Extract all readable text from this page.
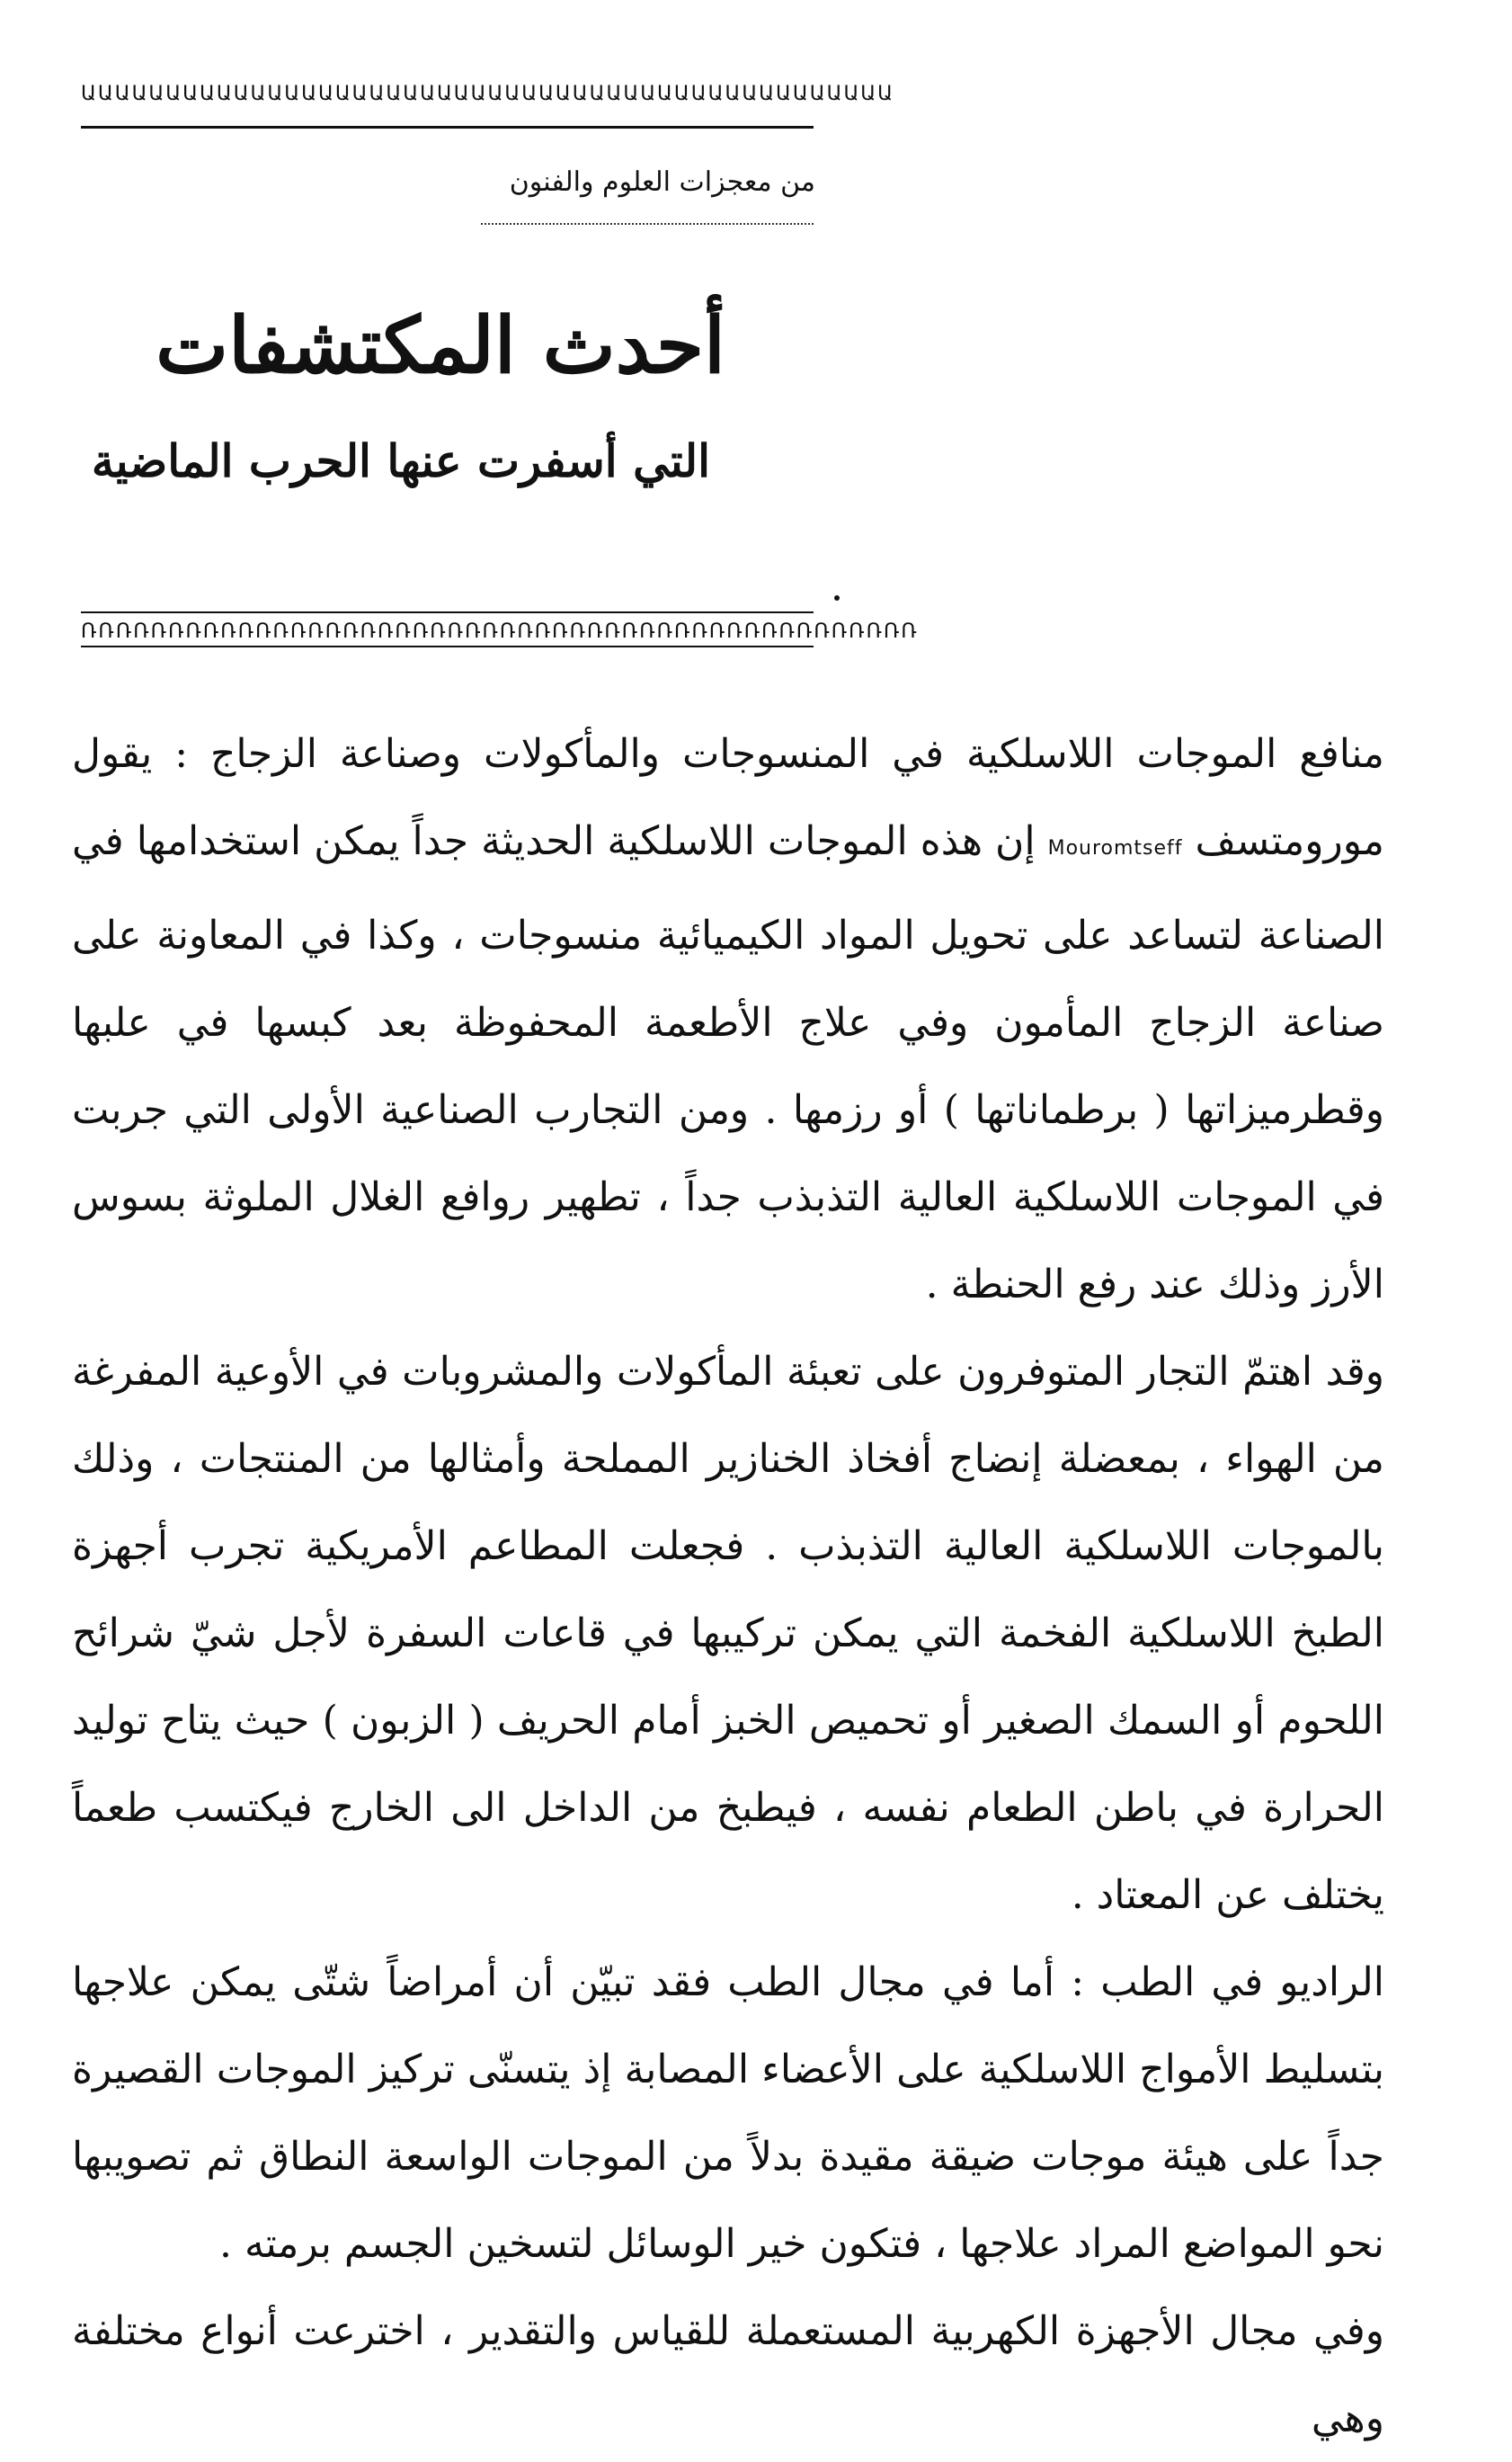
ԱԱԱԱԱԱԱԱԱԱԱԱԱԱԱԱԱԱԱԱԱԱԱԱԱԱԱԱԱԱԱԱԱԱԱԱԱԱԱԱԱԱԱԱԱԱԱԱ
من معجزات العلوم والفنون
أحدث المكتشفات
التي أسفرت عنها الحرب الماضية
ՌՌՌՌՌՌՌՌՌՌՌՌՌՌՌՌՌՌՌՌՌՌՌՌՌՌՌՌՌՌՌՌՌՌՌՌՌՌՌՌՌՌՌՌՌՌՌՌ

منافع الموجات اللاسلكية في المنسوجات والمأكولات وصناعة الزجاج : يقول مورومتسف Mouromtseff إن هذه الموجات اللاسلكية الحديثة جداً يمكن استخدامها في الصناعة لتساعد على تحويل المواد الكيميائية منسوجات ، وكذا في المعاونة على صناعة الزجاج المأمون وفي علاج الأطعمة المحفوظة بعد كبسها في علبها وقطرميزاتها ( برطماناتها ) أو رزمها . ومن التجارب الصناعية الأولى التي جربت في الموجات اللاسلكية العالية التذبذب جداً ، تطهير روافع الغلال الملوثة بسوس الأرز وذلك عند رفع الحنطة .

وقد اهتمّ التجار المتوفرون على تعبئة المأكولات والمشروبات في الأوعية المفرغة من الهواء ، بمعضلة إنضاج أفخاذ الخنازير المملحة وأمثالها من المنتجات ، وذلك بالموجات اللاسلكية العالية التذبذب . فجعلت المطاعم الأمريكية تجرب أجهزة الطبخ اللاسلكية الفخمة التي يمكن تركيبها في قاعات السفرة لأجل شيّ شرائح اللحوم أو السمك الصغير أو تحميص الخبز أمام الحريف ( الزبون ) حيث يتاح توليد الحرارة في باطن الطعام نفسه ، فيطبخ من الداخل الى الخارج فيكتسب طعماً يختلف عن المعتاد .

الراديو في الطب : أما في مجال الطب فقد تبيّن أن أمراضاً شتّى يمكن علاجها بتسليط الأمواج اللاسلكية على الأعضاء المصابة إذ يتسنّى تركيز الموجات القصيرة جداً على هيئة موجات ضيقة مقيدة بدلاً من الموجات الواسعة النطاق ثم تصويبها نحو المواضع المراد علاجها ، فتكون خير الوسائل لتسخين الجسم برمته .

وفي مجال الأجهزة الكهربية المستعملة للقياس والتقدير ، اخترعت أنواع مختلفة وهي
